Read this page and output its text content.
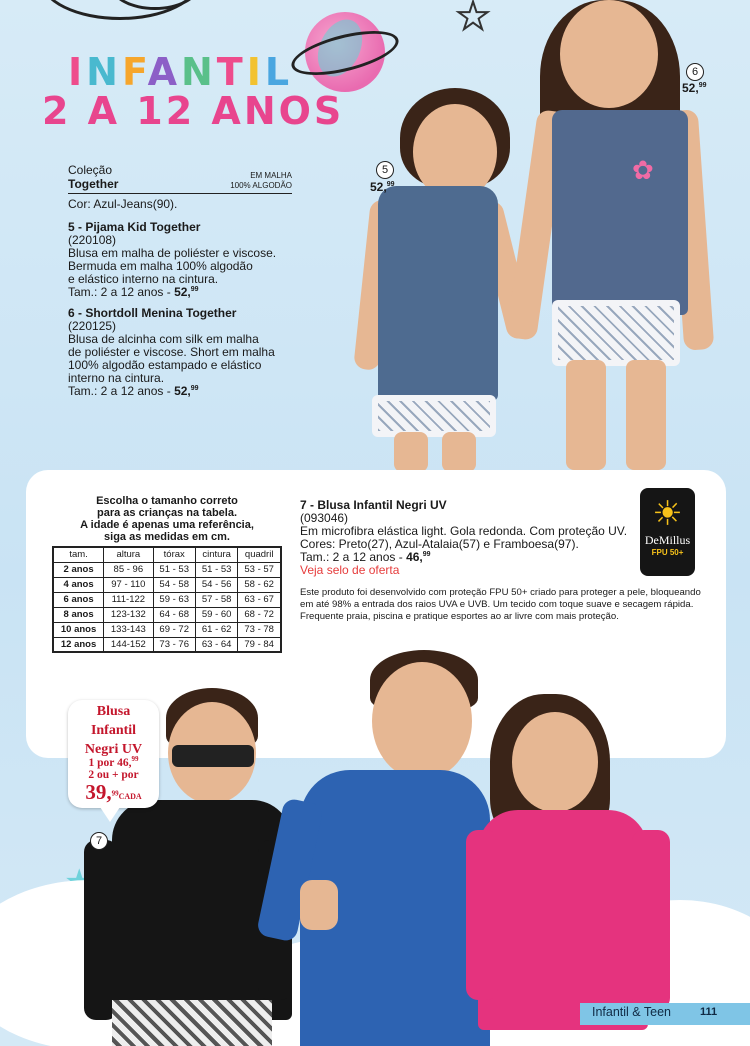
★
INFANTIL
2 A 12 ANOS
Coleção
Together
EM MALHA
100% ALGODÃO
Cor: Azul-Jeans(90).
5 - Pijama Kid Together
(220108)
Blusa em malha de poliéster e viscose.
Bermuda em malha 100% algodão
e elástico interno na cintura.
Tam.: 2 a 12 anos - 52,99
6 - Shortdoll Menina Together
(220125)
Blusa de alcinha com silk em malha
de poliéster e viscose. Short em malha
100% algodão estampado e elástico
interno na cintura.
Tam.: 2 a 12 anos - 52,99
5
52,99	✿
6
52,99
Escolha o tamanho correto
para as crianças na tabela.
A idade é apenas uma referência,
siga as medidas em cm.
tam.	altura	tórax	cintura	quadril
2 anos	85 - 96	51 - 53	51 - 53	53 - 57
4 anos	97 - 110	54 - 58	54 - 56	58 - 62
6 anos	111-122	59 - 63	57 - 58	63 - 67
8 anos	123-132	64 - 68	59 - 60	68 - 72
10 anos	133-143	69 - 72	61 - 62	73 - 78
12 anos	144-152	73 - 76	63 - 64	79 - 84
7 - Blusa Infantil Negri UV
(093046)
Em microfibra elástica light. Gola redonda. Com proteção UV.
Cores: Preto(27), Azul-Atalaia(57) e Framboesa(97).
Tam.: 2 a 12 anos - 46,99
Veja selo de oferta
Este produto foi desenvolvido com proteção FPU 50+ criado para proteger a pele, bloqueando em até 98% a entrada dos raios UVA e UVB. Um tecido com toque suave e secagem rápida. Frequente praia, piscina e pratique esportes ao ar livre com mais proteção.
☀
DeMillus
FPU 50+
Blusa
Infantil
Negri UV
1 por 46,99
2 ou + por
39,99CADA
7
Infantil & Teen	111
